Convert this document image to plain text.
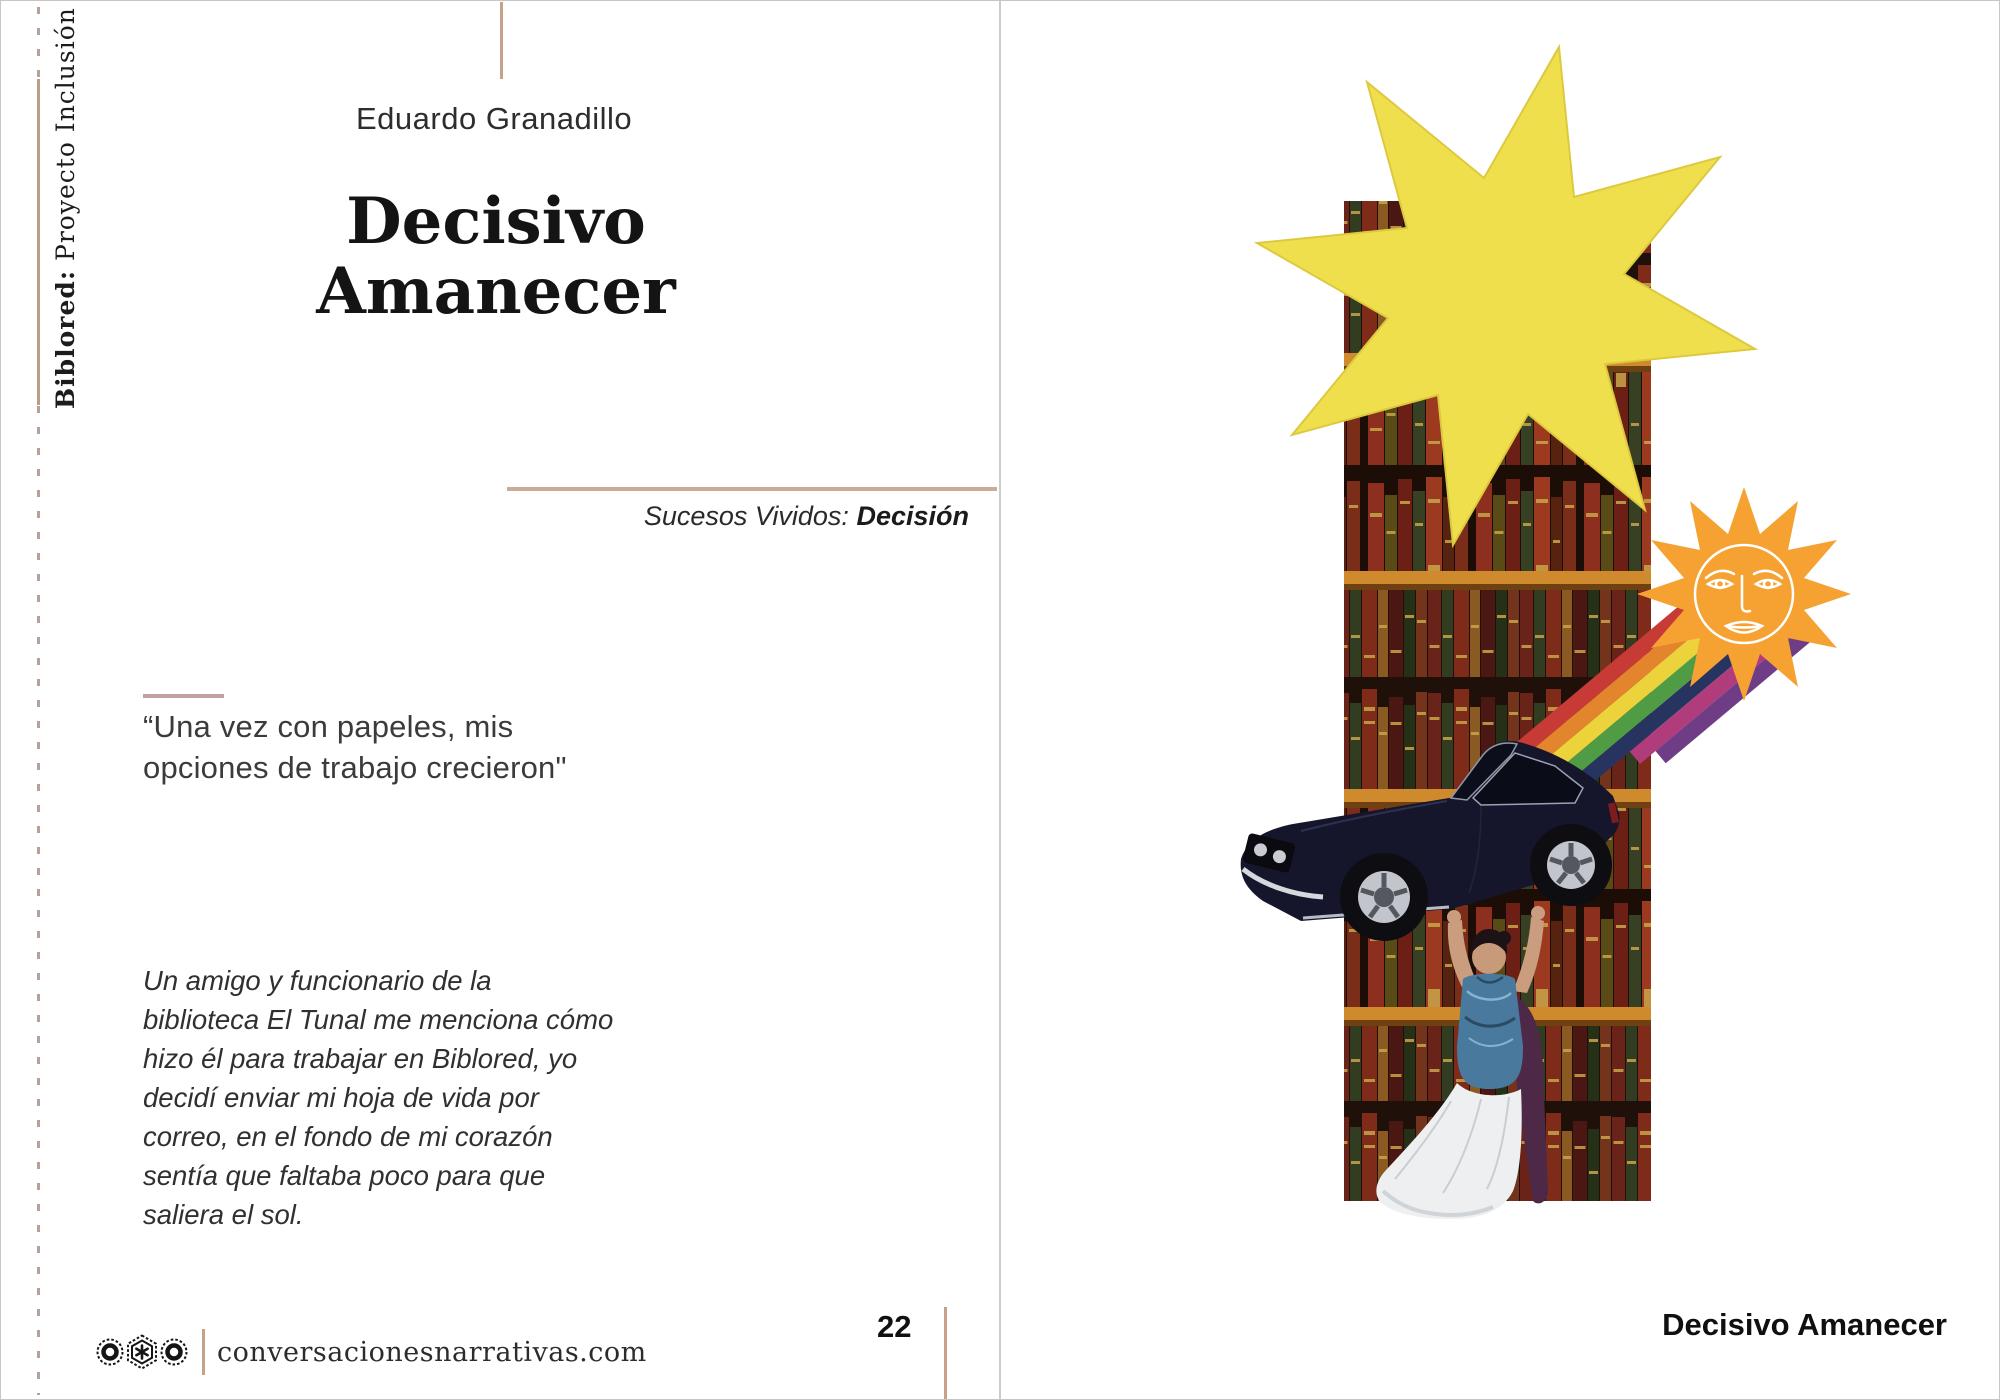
Biblored: Proyecto Inclusión	Eduardo Granadillo
Decisivo
Amanecer
Sucesos Vividos: Decisión
“Una vez con papeles, mis opciones de trabajo crecieron"
Un amigo y funcionario de la biblioteca El Tunal me menciona cómo hizo él para trabajar en Biblored, yo decidí enviar mi hoja de vida por correo, en el fondo de mi corazón sentía que faltaba poco para que saliera el sol.
conversacionesnarrativas.com
22	Decisivo Amanecer
